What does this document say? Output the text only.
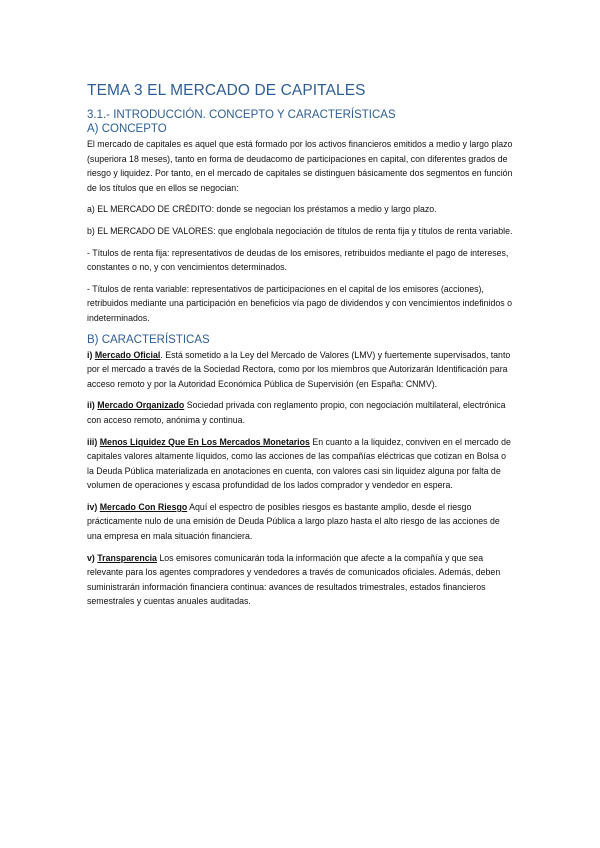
TEMA 3 EL MERCADO DE CAPITALES
3.1.- INTRODUCCIÓN. CONCEPTO Y CARACTERÍSTICAS
A) CONCEPTO

El mercado de capitales es aquel que está formado por los activos financieros emitidos a medio y largo plazo (superiora 18 meses), tanto en forma de deudacomo de participaciones en capital, con diferentes grados de riesgo y liquidez. Por tanto, en el mercado de capitales se distinguen básicamente dos segmentos en función de los títulos que en ellos se negocian:

a) EL MERCADO DE CRÉDITO: donde se negocian los préstamos a medio y largo plazo.

b) EL MERCADO DE VALORES: que englobala negociación de títulos de renta fija y títulos de renta variable.

- Títulos de renta fija: representativos de deudas de los emisores, retribuidos mediante el pago de intereses, constantes o no, y con vencimientos determinados.

- Títulos de renta variable: representativos de participaciones en el capital de los emisores (acciones), retribuidos mediante una participación en beneficios vía pago de dividendos y con vencimientos indefinidos o indeterminados.

B) CARACTERÍSTICAS

i) Mercado Oficial. Está sometido a la Ley del Mercado de Valores (LMV) y fuertemente supervisados, tanto por el mercado a través de la Sociedad Rectora, como por los miembros que Autorizarán Identificación para acceso remoto y por la Autoridad Económica Pública de Supervisión (en España: CNMV).

ii) Mercado Organizado Sociedad privada con reglamento propio, con negociación multilateral, electrónica con acceso remoto, anónima y continua.

iii) Menos Liquidez Que En Los Mercados Monetarios En cuanto a la liquidez, conviven en el mercado de capitales valores altamente líquidos, como las acciones de las compañías eléctricas que cotizan en Bolsa o la Deuda Pública materializada en anotaciones en cuenta, con valores casi sin liquidez alguna por falta de volumen de operaciones y escasa profundidad de los lados comprador y vendedor en espera.

iv) Mercado Con Riesgo Aquí el espectro de posibles riesgos es bastante amplio, desde el riesgo prácticamente nulo de una emisión de Deuda Pública a largo plazo hasta el alto riesgo de las acciones de una empresa en mala situación financiera.

v) Transparencia Los emisores comunicarán toda la información que afecte a la compañía y que sea relevante para los agentes compradores y vendedores a través de comunicados oficiales. Además, deben suministrarán información financiera continua: avances de resultados trimestrales, estados financieros semestrales y cuentas anuales auditadas.
